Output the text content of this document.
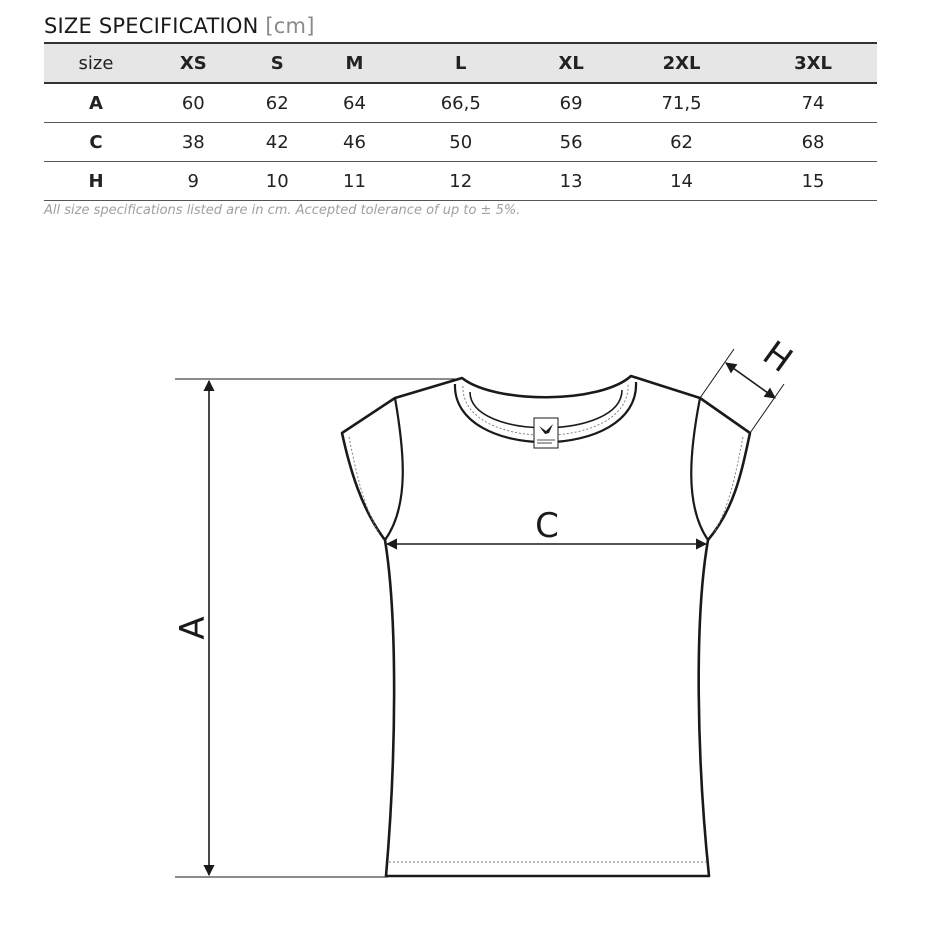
SIZE SPECIFICATION [cm]
size	XS	S	M	L	XL	2XL	3XL
A	60	62	64	66,5	69	71,5	74
C	38	42	46	50	56	62	68
H	9	10	11	12	13	14	15
All size specifications listed are in cm. Accepted tolerance of up to ± 5%.
A
C
H
